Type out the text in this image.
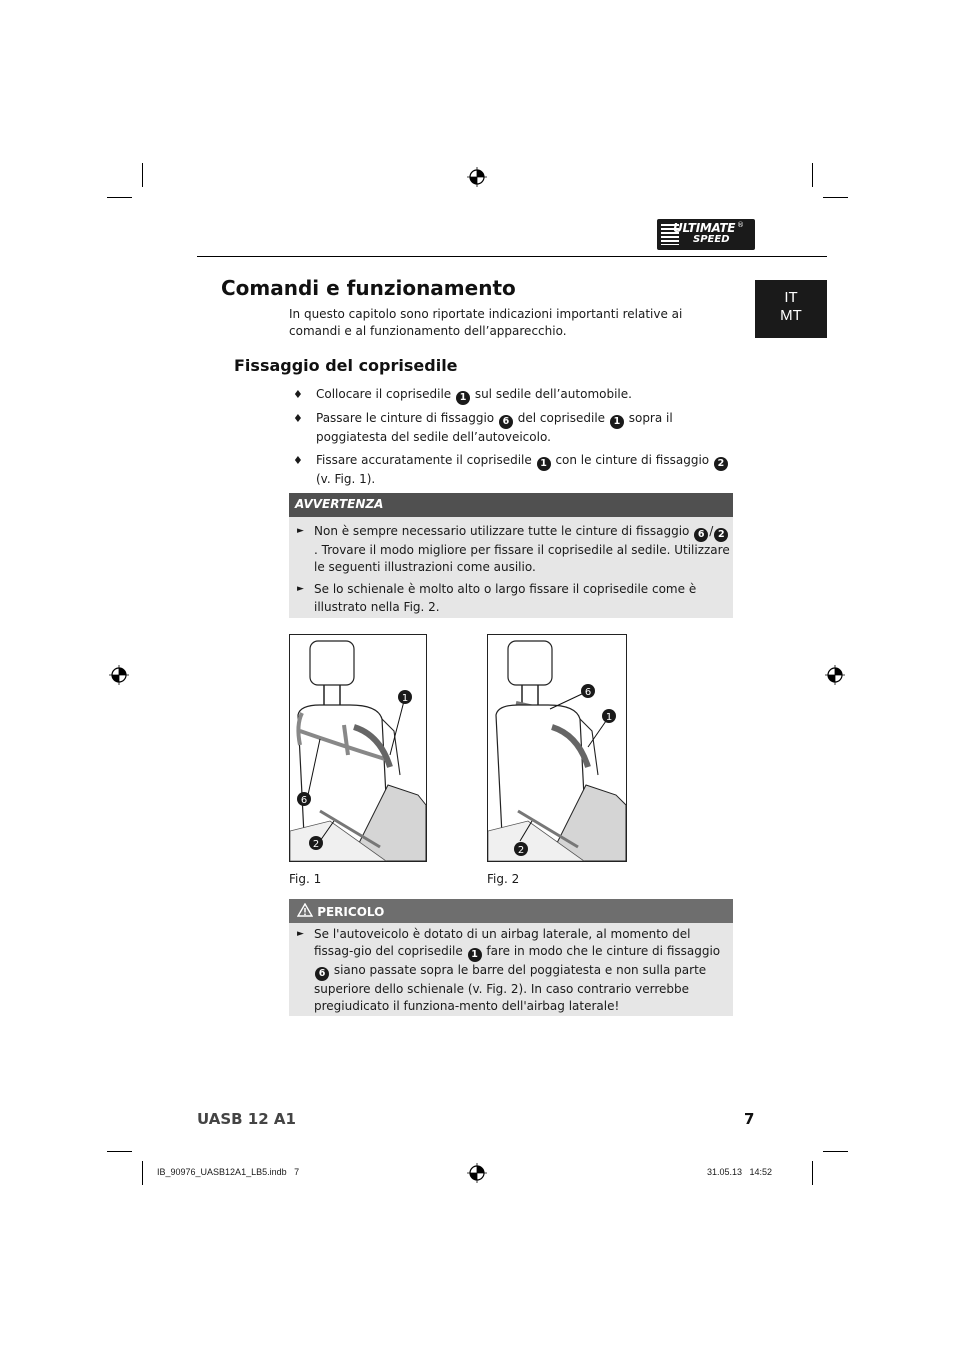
ULTIMATE
SPEED
®
IT
MT
Comandi e funzionamento

In questo capitolo sono riportate indicazioni importanti relative ai comandi e al funzionamento dell’apparecchio.

Fissaggio del coprisedile
♦ Collocare il coprisedile 1 sul sedile dell’automobile.
♦ Passare le cinture di fissaggio 6 del coprisedile 1 sopra il poggiatesta del sedile dell’autoveicolo.
♦ Fissare accuratamente il coprisedile 1 con le cinture di fissaggio 2 (v. Fig. 1).
AVVERTENZA
► Non è sempre necessario utilizzare tutte le cinture di fissaggio 6 / 2. Trovare il modo migliore per fissare il coprisedile al sedile. Utilizzare le seguenti illustrazioni come ausilio.
► Se lo schienale è molto alto o largo fissare il coprisedile come è illustrato nella Fig. 2.
1
6
2
Fig. 1
6
1
2
Fig. 2
PERICOLO
► Se l'autoveicolo è dotato di un airbag laterale, al momento del fissag-gio del coprisedile 1 fare in modo che le cinture di fissaggio 6 siano passate sopra le barre del poggiatesta e non sulla parte superiore dello schienale (v. Fig. 2). In caso contrario verrebbe pregiudicato il funziona-mento dell'airbag laterale!
UASB 12 A1	7
IB_90976_UASB12A1_LB5.indb   7	31.05.13   14:52
